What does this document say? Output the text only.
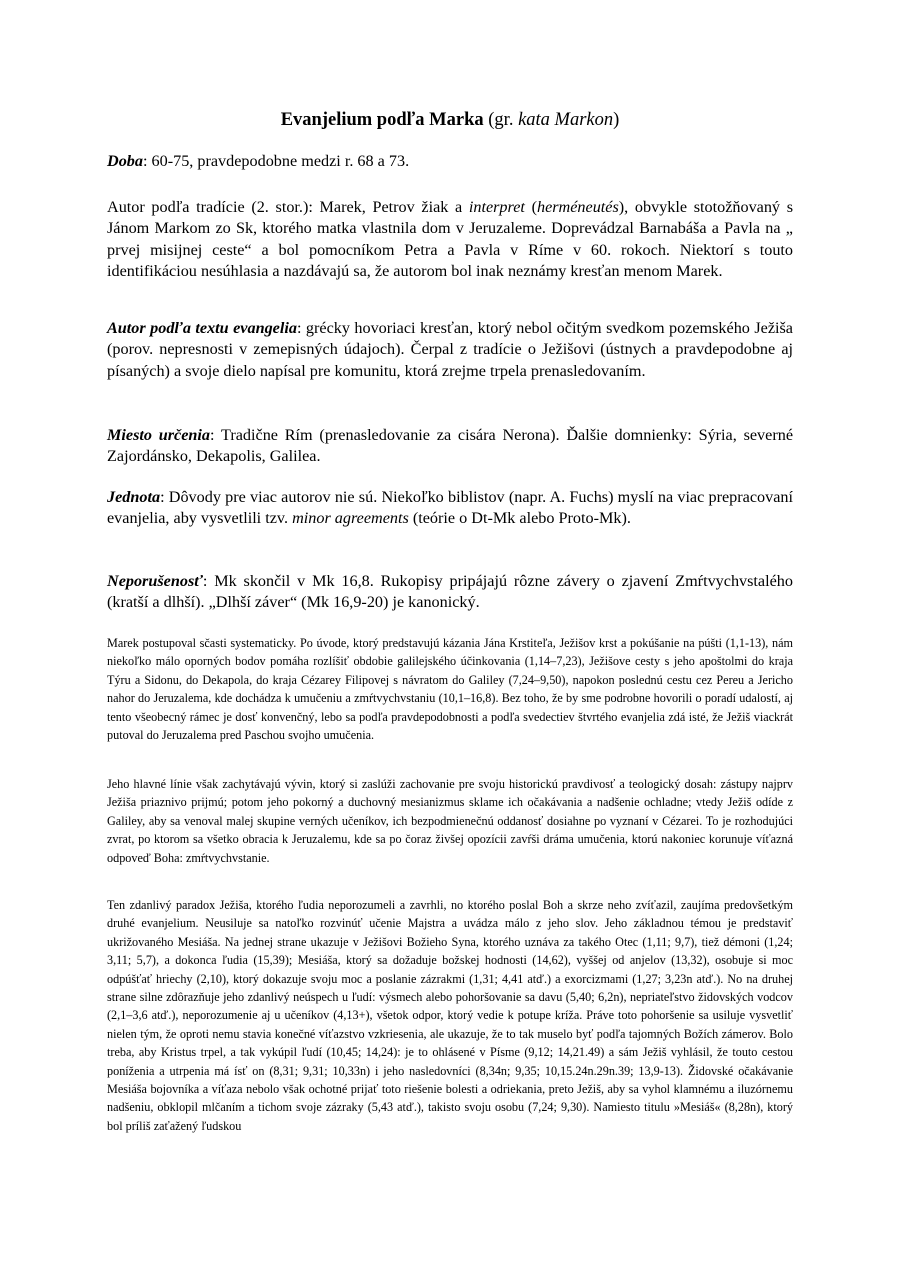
Evanjelium podľa Marka (gr. kata Markon)

Doba: 60-75, pravdepodobne medzi r. 68 a 73.

Autor podľa tradície (2. stor.): Marek, Petrov žiak a interpret (herméneutés), obvykle stotožňovaný s Jánom Markom zo Sk, ktorého matka vlastnila dom v Jeruzaleme. Doprevádzal Barnabáša a Pavla na „ prvej misijnej ceste“ a bol pomocníkom Petra a Pavla v Ríme v 60. rokoch. Niektorí s touto identifikáciou nesúhlasia a nazdávajú sa, že autorom bol inak neznámy kresťan menom Marek.

Autor podľa textu evangelia: grécky hovoriaci kresťan, ktorý nebol očitým svedkom pozemského Ježiša (porov. nepresnosti v zemepisných údajoch). Čerpal z tradície o Ježišovi (ústnych a pravdepodobne aj písaných) a svoje dielo napísal pre komunitu, ktorá zrejme trpela prenasledovaním.

Miesto určenia: Tradične Rím (prenasledovanie za cisára Nerona). Ďalšie domnienky: Sýria, severné Zajordánsko, Dekapolis, Galilea.

Jednota: Dôvody pre viac autorov nie sú. Niekoľko biblistov (napr. A. Fuchs) myslí na viac prepracovaní evanjelia, aby vysvetlili tzv. minor agreements (teórie o Dt-Mk alebo Proto-Mk).

Neporušenosť: Mk skončil v Mk 16,8. Rukopisy pripájajú rôzne závery o zjavení Zmŕtvychvstalého (kratší a dlhší). „Dlhší záver“ (Mk 16,9-20) je kanonický.

Marek postupoval sčasti systematicky. Po úvode, ktorý predstavujú kázania Jána Krstiteľa, Ježišov krst a pokúšanie na púšti (1,1-13), nám niekoľko málo oporných bodov pomáha rozlíšiť obdobie galilejského účinkovania (1,14–7,23), Ježišove cesty s jeho apoštolmi do kraja Týru a Sidonu, do Dekapola, do kraja Cézarey Filipovej s návratom do Galiley (7,24–9,50), napokon poslednú cestu cez Pereu a Jericho nahor do Jeruzalema, kde dochádza k umučeniu a zmŕtvychvstaniu (10,1–16,8). Bez toho, že by sme podrobne hovorili o poradí udalostí, aj tento všeobecný rámec je dosť konvenčný, lebo sa podľa pravdepodobnosti a podľa svedectiev štvrtého evanjelia zdá isté, že Ježiš viackrát putoval do Jeruzalema pred Paschou svojho umučenia.

Jeho hlavné línie však zachytávajú vývin, ktorý si zaslúži zachovanie pre svoju historickú pravdivosť a teologický dosah: zástupy najprv Ježiša priaznivo prijmú; potom jeho pokorný a duchovný mesianizmus sklame ich očakávania a nadšenie ochladne; vtedy Ježiš odíde z Galiley, aby sa venoval malej skupine verných učeníkov, ich bezpodmienečnú oddanosť dosiahne po vyznaní v Cézarei. To je rozhodujúci zvrat, po ktorom sa všetko obracia k Jeruzalemu, kde sa po čoraz živšej opozícii zavŕši dráma umučenia, ktorú nakoniec korunuje víťazná odpoveď Boha: zmŕtvychvstanie.

Ten zdanlivý paradox Ježiša, ktorého ľudia neporozumeli a zavrhli, no ktorého poslal Boh a skrze neho zvíťazil, zaujíma predovšetkým druhé evanjelium. Neusiluje sa natoľko rozvinúť učenie Majstra a uvádza málo z jeho slov. Jeho základnou témou je predstaviť ukrižovaného Mesiáša. Na jednej strane ukazuje v Ježišovi Božieho Syna, ktorého uznáva za takého Otec (1,11; 9,7), tiež démoni (1,24; 3,11; 5,7), a dokonca ľudia (15,39); Mesiáša, ktorý sa dožaduje božskej hodnosti (14,62), vyššej od anjelov (13,32), osobuje si moc odpúšťať hriechy (2,10), ktorý dokazuje svoju moc a poslanie zázrakmi (1,31; 4,41 atď.) a exorcizmami (1,27; 3,23n atď.). No na druhej strane silne zdôrazňuje jeho zdanlivý neúspech u ľudí: výsmech alebo pohoršovanie sa davu (5,40; 6,2n), nepriateľstvo židovských vodcov (2,1–3,6 atď.), neporozumenie aj u učeníkov (4,13+), všetok odpor, ktorý vedie k potupe kríža. Práve toto pohoršenie sa usiluje vysvetliť nielen tým, že oproti nemu stavia konečné víťazstvo vzkriesenia, ale ukazuje, že to tak muselo byť podľa tajomných Božích zámerov. Bolo treba, aby Kristus trpel, a tak vykúpil ľudí (10,45; 14,24): je to ohlásené v Písme (9,12; 14,21.49) a sám Ježiš vyhlásil, že touto cestou poníženia a utrpenia má ísť on (8,31; 9,31; 10,33n) i jeho nasledovníci (8,34n; 9,35; 10,15.24n.29n.39; 13,9-13). Židovské očakávanie Mesiáša bojovníka a víťaza nebolo však ochotné prijať toto riešenie bolesti a odriekania, preto Ježiš, aby sa vyhol klamnému a iluzórnemu nadšeniu, obklopil mlčaním a tichom svoje zázraky (5,43 atď.), takisto svoju osobu (7,24; 9,30). Namiesto titulu »Mesiáš« (8,28n), ktorý bol príliš zaťažený ľudskou
